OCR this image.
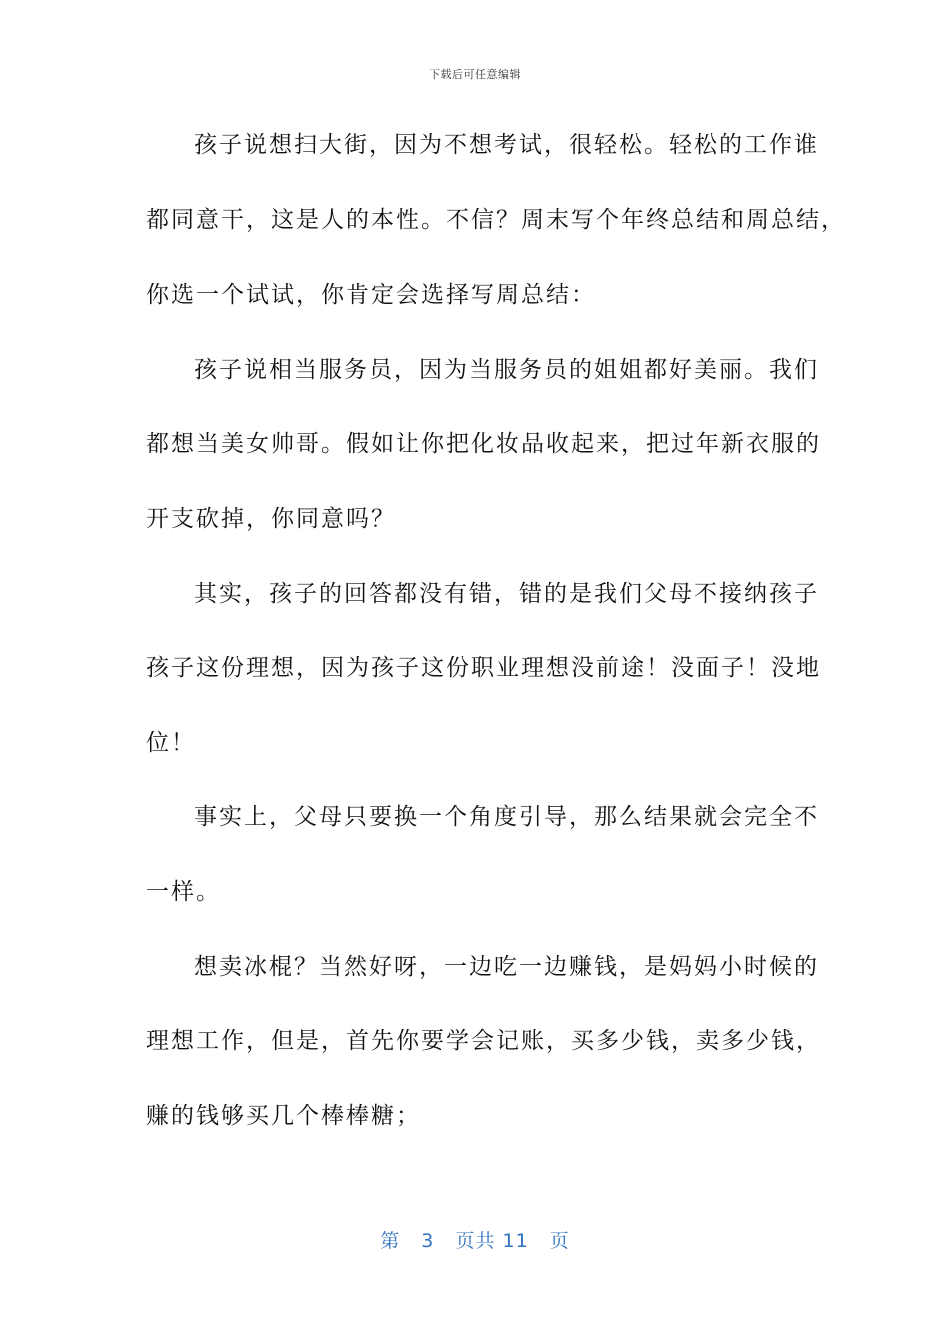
下载后可任意编辑
孩子说想扫大街，因为不想考试，很轻松。轻松的工作谁
都同意干，这是人的本性。不信？周末写个年终总结和周总结，
你选一个试试，你肯定会选择写周总结：
孩子说相当服务员，因为当服务员的姐姐都好美丽。我们
都想当美女帅哥。假如让你把化妆品收起来，把过年新衣服的
开支砍掉，你同意吗？
其实，孩子的回答都没有错，错的是我们父母不接纳孩子
孩子这份理想，因为孩子这份职业理想没前途！没面子！没地
位！
事实上，父母只要换一个角度引导，那么结果就会完全不
一样。
想卖冰棍？当然好呀，一边吃一边赚钱，是妈妈小时候的
理想工作，但是，首先你要学会记账，买多少钱，卖多少钱，
赚的钱够买几个棒棒糖；
第 3 页共 11 页
